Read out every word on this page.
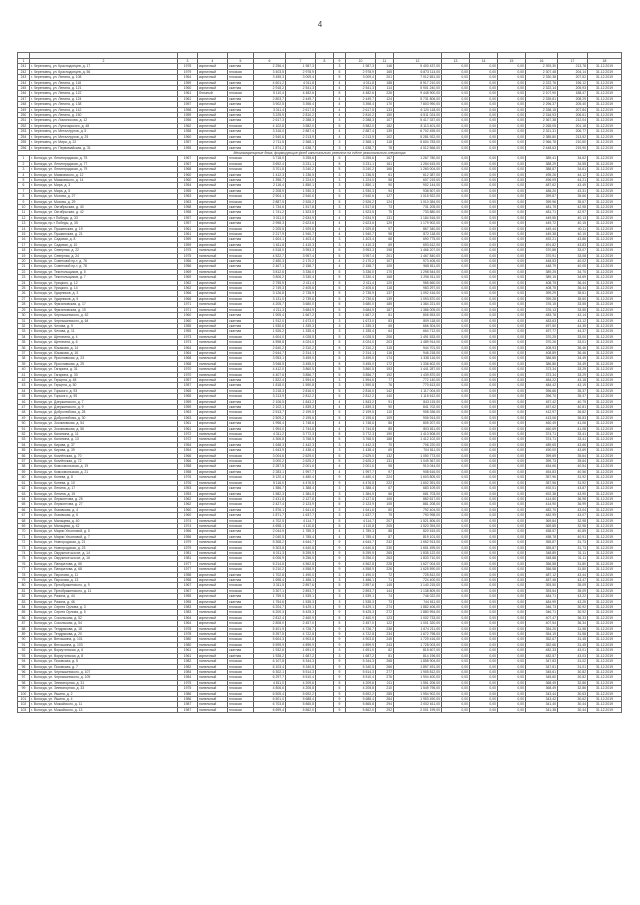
4

1	2	3	4	5	6	7	8	9	10	11	12	13	14	15	16	17	18
241	г. Череповец, ул. Краснодонцев, д. 17	1978	кирпичный	скатная	2 256,4	1 987,3		3	1 987,3	146	5 400 437,00	0,00	0,00	0,00	2 393,30	213,78	31.12.2019
242	г. Череповец, ул. Краснодонцев, д. 56	1979	кирпичный	плоская	3 403,5	2 978,9		5	2 978,9	165	6 873 114,00	0,00	0,00	0,00	2 307,48	204,14	31.12.2019
243	г. Череповец, ул. Ленина, д. 108	1964	кирпичный	плоская	3 455,3	3 009,4		5	3 009,4	201	7 012 651,00	0,00	0,00	0,00	2 330,38	207,52	31.12.2019
244	г. Череповец, ул. Ленина, д. 116	1959	кирпичный	скатная	4 601,2	4 011,8		4	4 011,8	188	8 917 210,00	0,00	0,00	0,00	2 222,76	196,12	31.12.2019
245	г. Череповец, ул. Ленина, д. 121	1960	кирпичный	скатная	2 918,2	2 541,3		4	2 541,3	114	5 901 240,00	0,00	0,00	0,00	2 322,14	205,93	31.12.2019
246	г. Череповец, ул. Ленина, д. 122	1961	блочный	плоская	5 110,4	4 482,6		5	4 482,6	226	9 448 900,00	0,00	0,00	0,00	2 107,90	188,47	31.12.2019
247	г. Череповец, ул. Ленина, д. 124	1961	кирпичный	скатная	2 803,7	2 449,7		4	2 449,7	124	5 731 806,00	0,00	0,00	0,00	2 339,81	208,29	31.12.2019
248	г. Череповец, ул. Ленина, д. 138	1957	кирпичный	скатная	3 902,5	3 398,4		4	3 398,4	170	7 803 990,00	0,00	0,00	0,00	2 296,37	205,40	31.12.2019
249	г. Череповец, ул. Ленина, д. 142	1958	кирпичный	скатная	3 011,4	2 617,5		4	2 617,5	133	6 120 118,00	0,00	0,00	0,00	2 338,15	207,84	31.12.2019
250	г. Череповец, ул. Ленина, д. 150	1959	кирпичный	скатная	3 225,9	2 810,2		4	2 810,2	150	6 511 024,00	0,00	0,00	0,00	2 316,93	206,61	31.12.2019
251	г. Череповец, ул. Ломоносова, д. 12	1956	кирпичный	скатная	2 617,3	2 288,3		3	2 288,3	107	5 417 337,00	0,00	0,00	0,00	2 367,38	212,04	31.12.2019
252	г. Череповец, ул. Луначарского, д. 48	1962	кирпичный	плоская	4 102,8	3 582,0		5	3 582,0	182	8 113 401,00	0,00	0,00	0,00	2 265,05	201,18	31.12.2019
253	г. Череповец, ул. Металлургов, д. 5	1958	кирпичный	скатная	3 316,0	2 887,4		4	2 887,4	139	6 702 455,00	0,00	0,00	0,00	2 321,31	206,77	31.12.2019
254	г. Череповец, ул. Металлургов, д. 25	1960	кирпичный	скатная	2 540,6	2 213,9		4	2 213,9	102	5 281 922,00	0,00	0,00	0,00	2 385,80	213,52	31.12.2019
255	г. Череповец, ул. Мира, д. 22	1957	кирпичный	скатная	2 711,5	2 368,1		3	2 368,1	118	5 604 783,00	0,00	0,00	0,00	2 366,78	210,60	31.12.2019
256	г. Череповец, ул. Первомайская, д. 31	1955	кирпичный	скатная	1 874,2	1 638,7		3	1 638,7	78	4 012 566,00	0,00	0,00	0,00	2 448,63	219,90	31.12.2019
Многоквартирные дома, формирующие фонд капитального ремонта на счёте регионального оператора																	
1	г. Вологда, ул. Ленинградская, д. 75	1967	кирпичный	плоская	3 718,0	3 255,6		5	3 255,6	167	1 267 780,00	0,00	0,00	0,00	389,41	34,62	31.12.2019
2	г. Вологда, ул. Ленинградская, д. 77	1967	кирпичный	плоская	3 692,4	3 231,1		5	3 231,1	161	1 254 615,00	0,00	0,00	0,00	388,29	34,55	31.12.2019
3	г. Вологда, ул. Ленинградская, д. 79	1968	кирпичный	плоская	3 701,8	3 240,2		5	3 240,2	166	1 260 004,00	0,00	0,00	0,00	388,87	34,61	31.12.2019
4	г. Вологда, ул. Маяковского, д. 12	1960	кирпичный	скатная	1 412,3	1 236,5		3	1 236,5	61	612 387,00	0,00	0,00	0,00	495,26	44,12	31.12.2019
5	г. Вологда, ул. Маяковского, д. 14	1960	кирпичный	скатная	1 398,7	1 224,0		3	1 224,0	58	607 219,00	0,00	0,00	0,00	496,09	44,21	31.12.2019
6	г. Вологда, ул. Мира, д. 3	1954	кирпичный	скатная	2 116,4	1 850,1		3	1 850,1	90	902 144,00	0,00	0,00	0,00	487,62	43,49	31.12.2019
7	г. Вологда, ул. Мира, д. 5	1955	кирпичный	скатная	2 208,9	1 930,3		3	1 930,3	94	938 507,00	0,00	0,00	0,00	486,20	43,31	31.12.2019
8	г. Вологда, ул. Мохова, д. 27	1963	кирпичный	плоская	2 904,1	2 540,6		5	2 540,6	127	1 015 922,00	0,00	0,00	0,00	399,87	35,66	31.12.2019
9	г. Вологда, ул. Мохова, д. 29	1963	кирпичный	плоская	2 887,5	2 526,2		5	2 526,2	124	1 010 384,00	0,00	0,00	0,00	399,96	35,67	31.12.2019
10	г. Вологда, ул. Октябрьская, д. 40	1958	кирпичный	скатная	1 734,6	1 517,8		3	1 517,8	73	731 205,00	0,00	0,00	0,00	481,75	42,98	31.12.2019
11	г. Вологда, ул. Октябрьская, д. 42	1958	кирпичный	скатная	1 741,2	1 523,5		3	1 523,5	75	733 880,00	0,00	0,00	0,00	481,71	42,97	31.12.2019
12	г. Вологда, пр-т Победы, д. 33	1957	кирпичный	скатная	3 011,0	2 634,9		4	2 634,9	131	1 184 516,00	0,00	0,00	0,00	449,55	40,13	31.12.2019
13	г. Вологда, пр-т Победы, д. 35	1957	кирпичный	скатная	2 998,3	2 623,6		4	2 623,6	129	1 179 902,00	0,00	0,00	0,00	449,72	40,15	31.12.2019
14	г. Вологда, ул. Пушкинская, д. 19	1961	кирпичный	плоская	2 205,5	1 929,8		4	1 929,8	97	867 340,00	0,00	0,00	0,00	449,44	40,11	31.12.2019
15	г. Вологда, ул. Пушкинская, д. 21	1961	кирпичный	плоская	2 217,9	1 940,7		4	1 940,7	98	872 118,00	0,00	0,00	0,00	449,38	40,10	31.12.2019
16	г. Вологда, ул. Садовая, д. 8	1959	кирпичный	скатная	1 604,1	1 403,4		3	1 403,4	68	690 775,00	0,00	0,00	0,00	492,21	43,86	31.12.2019
17	г. Вологда, ул. Садовая, д. 10	1959	кирпичный	скатная	1 611,8	1 410,3		3	1 410,3	69	693 612,00	0,00	0,00	0,00	491,82	43,83	31.12.2019
18	г. Вологда, ул. Северная, д. 22	1975	панельный	плоская	4 518,0	3 953,3		5	3 953,3	198	1 466 207,00	0,00	0,00	0,00	370,88	33,07	31.12.2019
19	г. Вологда, ул. Северная, д. 24	1975	панельный	плоская	4 522,7	3 957,4		5	3 957,4	201	1 467 840,00	0,00	0,00	0,00	370,91	33,08	31.12.2019
20	г. Вологда, ул. Советский пр-т, д. 76	1956	кирпичный	скатная	2 480,3	2 170,2		4	2 170,2	107	973 405,00	0,00	0,00	0,00	448,53	40,02	31.12.2019
21	г. Вологда, ул. Советский пр-т, д. 78	1956	кирпичный	скатная	2 467,1	2 158,7		4	2 158,7	105	968 811,00	0,00	0,00	0,00	448,79	40,05	31.12.2019
22	г. Вологда, ул. Текстильщиков, д. 5	1969	панельный	плоская	3 812,6	3 336,0		5	3 336,0	170	1 298 544,00	0,00	0,00	0,00	389,25	34,70	31.12.2019
23	г. Вологда, ул. Текстильщиков, д. 7	1969	панельный	плоская	3 806,2	3 330,4		5	3 330,4	168	1 296 011,00	0,00	0,00	0,00	389,15	34,69	31.12.2019
24	г. Вологда, ул. Урицкого, д. 12	1962	кирпичный	плоская	2 755,9	2 411,4		5	2 411,4	120	985 660,00	0,00	0,00	0,00	408,75	36,44	31.12.2019
25	г. Вологда, ул. Урицкого, д. 14	1962	кирпичный	плоская	2 749,3	2 405,6		5	2 405,6	118	983 297,00	0,00	0,00	0,00	408,75	36,44	31.12.2019
26	г. Вологда, ул. Ударников, д. 3	1966	кирпичный	плоская	3 126,8	2 735,9		5	2 735,9	137	1 092 416,00	0,00	0,00	0,00	399,29	35,61	31.12.2019
27	г. Вологда, ул. Ударников, д. 5	1966	кирпичный	плоская	3 131,0	2 739,6		5	2 739,6	139	1 093 870,00	0,00	0,00	0,00	399,28	35,60	31.12.2019
28	г. Вологда, ул. Фрязиновская, д. 17	1971	панельный	плоская	4 205,7	3 680,0		5	3 680,0	185	1 384 221,00	0,00	0,00	0,00	376,15	33,55	31.12.2019
29	г. Вологда, ул. Фрязиновская, д. 19	1971	панельный	плоская	4 211,3	3 684,9		5	3 684,9	187	1 386 005,00	0,00	0,00	0,00	376,13	33,55	31.12.2019
30	г. Вологда, ул. Чернышевского, д. 62	1960	кирпичный	скатная	1 905,4	1 667,2		3	1 667,2	81	806 553,00	0,00	0,00	0,00	483,78	43,14	31.12.2019
31	г. Вологда, ул. Чернышевского, д. 64	1960	кирпичный	скатная	1 912,0	1 673,0		3	1 673,0	83	809 118,00	0,00	0,00	0,00	483,63	43,12	31.12.2019
32	г. Вологда, ул. Чехова, д. 9	1955	кирпичный	скатная	1 530,6	1 339,3		3	1 339,3	65	666 304,00	0,00	0,00	0,00	497,50	44,35	31.12.2019
33	г. Вологда, ул. Чехова, д. 11	1955	кирпичный	скатная	1 526,2	1 335,4		3	1 335,4	64	664 712,00	0,00	0,00	0,00	497,77	44,37	31.12.2019
34	г. Вологда, ул. Щетинина, д. 4	1973	панельный	плоская	4 604,0	4 028,5		5	4 028,5	206	1 491 533,00	0,00	0,00	0,00	370,25	33,00	31.12.2019
35	г. Вологда, ул. Щетинина, д. 6	1973	панельный	плоская	4 598,8	4 024,0		5	4 024,0	203	1 489 914,00	0,00	0,00	0,00	370,26	33,01	31.12.2019
36	г. Вологда, ул. Южакова, д. 14	1964	кирпичный	плоская	2 640,2	2 310,2		5	2 310,2	115	944 701,00	0,00	0,00	0,00	408,93	36,46	31.12.2019
37	г. Вологда, ул. Южакова, д. 16	1964	кирпичный	плоская	2 644,7	2 314,1		5	2 314,1	116	946 218,00	0,00	0,00	0,00	408,89	36,46	31.12.2019
38	г. Вологда, ул. Ярославская, д. 23	1968	панельный	плоская	3 953,1	3 459,0		5	3 459,0	174	1 338 116,00	0,00	0,00	0,00	386,85	34,49	31.12.2019
39	г. Вологда, ул. Ярославская, д. 25	1968	панельный	плоская	3 948,5	3 455,0		5	3 455,0	172	1 336 602,00	0,00	0,00	0,00	386,86	34,49	31.12.2019
40	г. Вологда, ул. Гагарина, д. 31	1970	панельный	плоская	4 412,0	3 860,5		5	3 860,5	193	1 441 287,00	0,00	0,00	0,00	373,34	33,29	31.12.2019
41	г. Вологда, ул. Гагарина, д. 33	1970	панельный	плоская	4 407,6	3 856,7		5	3 856,7	192	1 439 870,00	0,00	0,00	0,00	373,34	33,29	31.12.2019
42	г. Вологда, ул. Герцена, д. 48	1957	кирпичный	скатная	1 822,4	1 594,6		3	1 594,6	77	772 140,00	0,00	0,00	0,00	484,22	43,18	31.12.2019
43	г. Вологда, ул. Герцена, д. 50	1957	кирпичный	скатная	1 818,0	1 590,8		3	1 590,8	76	770 613,00	0,00	0,00	0,00	484,42	43,19	31.12.2019
44	г. Вологда, ул. Горького, д. 93	1965	кирпичный	плоская	3 218,3	2 816,0		5	2 816,0	142	1 117 004,00	0,00	0,00	0,00	396,66	35,37	31.12.2019
45	г. Вологда, ул. Горького, д. 95	1965	кирпичный	плоская	3 213,9	2 812,2		5	2 812,2	140	1 115 612,00	0,00	0,00	0,00	396,70	35,37	31.12.2019
46	г. Вологда, ул. Дзержинского, д. 7	1959	кирпичный	скатная	2 106,5	1 843,2		4	1 843,2	91	843 115,00	0,00	0,00	0,00	457,42	40,79	31.12.2019
47	г. Вологда, ул. Дзержинского, д. 9	1959	кирпичный	скатная	2 102,1	1 839,3		4	1 839,3	90	841 702,00	0,00	0,00	0,00	457,62	40,81	31.12.2019
48	г. Вологда, ул. Добролюбова, д. 28	1963	кирпичный	плоская	2 513,7	2 199,5		5	2 199,5	110	908 336,00	0,00	0,00	0,00	412,97	36,82	31.12.2019
49	г. Вологда, ул. Добролюбова, д. 30	1963	кирпичный	плоская	2 509,2	2 195,6		5	2 195,6	109	906 914,00	0,00	0,00	0,00	413,06	36,83	31.12.2019
50	г. Вологда, ул. Зосимовская, д. 54	1961	кирпичный	скатная	1 998,4	1 748,6		4	1 748,6	86	805 207,00	0,00	0,00	0,00	460,49	41,06	31.12.2019
51	г. Вологда, ул. Зосимовская, д. 56	1961	кирпичный	скатная	1 994,0	1 744,8		4	1 744,8	85	803 811,00	0,00	0,00	0,00	460,69	41,08	31.12.2019
52	г. Вологда, ул. Калинина, д. 11	1972	панельный	плоская	4 311,2	3 772,3		5	3 772,3	190	1 413 508,00	0,00	0,00	0,00	374,71	33,41	31.12.2019
53	г. Вологда, ул. Калинина, д. 13	1972	панельный	плоская	4 306,8	3 768,5		5	3 768,5	188	1 412 102,00	0,00	0,00	0,00	374,71	33,41	31.12.2019
54	г. Вологда, ул. Кирова, д. 37	1954	кирпичный	скатная	1 648,3	1 442,3		3	1 442,3	70	706 220,00	0,00	0,00	0,00	489,65	43,66	31.12.2019
55	г. Вологда, ул. Кирова, д. 39	1954	кирпичный	скатная	1 643,9	1 438,4		3	1 438,4	69	704 811,00	0,00	0,00	0,00	490,00	43,69	31.12.2019
56	г. Вологда, ул. Козлёнская, д. 70	1966	кирпичный	плоская	3 004,6	2 629,0		5	2 629,0	132	1 050 773,00	0,00	0,00	0,00	399,69	35,64	31.12.2019
57	г. Вологда, ул. Козлёнская, д. 72	1966	кирпичный	плоская	3 000,2	2 625,2		5	2 625,2	131	1 049 367,00	0,00	0,00	0,00	399,73	35,64	31.12.2019
58	г. Вологда, ул. Комсомольская, д. 19	1958	кирпичный	скатная	2 287,5	2 001,6		4	2 001,6	98	910 044,00	0,00	0,00	0,00	454,66	40,54	31.12.2019
59	г. Вологда, ул. Комсомольская, д. 21	1958	кирпичный	скатная	2 283,1	1 997,7		4	1 997,7	97	908 616,00	0,00	0,00	0,00	454,83	40,56	31.12.2019
60	г. Вологда, ул. Конева, д. 8	1976	панельный	плоская	5 120,4	4 480,4		9	4 480,4	224	1 603 805,00	0,00	0,00	0,00	357,96	31,92	31.12.2019
61	г. Вологда, ул. Конева, д. 10	1976	панельный	плоская	5 116,0	4 476,5		9	4 476,5	222	1 602 391,00	0,00	0,00	0,00	357,96	31,92	31.12.2019
62	г. Вологда, ул. Ленина, д. 17	1953	кирпичный	скатная	1 586,7	1 388,4		3	1 388,4	67	683 109,00	0,00	0,00	0,00	492,01	43,87	31.12.2019
63	г. Вологда, ул. Ленина, д. 19	1953	кирпичный	скатная	1 582,3	1 384,5		3	1 384,5	66	681 703,00	0,00	0,00	0,00	492,38	43,90	31.12.2019
64	г. Вологда, ул. Лермонтова, д. 25	1962	кирпичный	плоская	2 431,8	2 127,8		5	2 127,8	106	882 617,00	0,00	0,00	0,00	414,80	36,98	31.12.2019
65	г. Вологда, ул. Лермонтова, д. 27	1962	кирпичный	плоская	2 427,4	2 123,9		5	2 123,9	105	881 208,00	0,00	0,00	0,00	414,90	36,99	31.12.2019
66	г. Вологда, ул. Львовская, д. 4	1960	кирпичный	скатная	1 876,1	1 641,6		3	1 641,6	80	792 404,00	0,00	0,00	0,00	482,70	43,04	31.12.2019
67	г. Вологда, ул. Львовская, д. 6	1960	кирпичный	скатная	1 871,7	1 637,7		3	1 637,7	79	790 998,00	0,00	0,00	0,00	482,99	43,07	31.12.2019
68	г. Вологда, ул. Мальцева, д. 40	1974	панельный	плоская	4 702,5	4 114,7		5	4 114,7	207	1 521 806,00	0,00	0,00	0,00	369,84	32,98	31.12.2019
69	г. Вологда, ул. Мальцева, д. 42	1974	панельный	плоская	4 698,1	4 110,8		5	4 110,8	205	1 520 394,00	0,00	0,00	0,00	369,85	32,98	31.12.2019
70	г. Вологда, ул. Марии Ульяновой, д. 5	1956	кирпичный	скатная	2 044,9	1 789,3		4	1 789,3	88	820 515,00	0,00	0,00	0,00	458,57	40,89	31.12.2019
71	г. Вологда, ул. Марии Ульяновой, д. 7	1956	кирпичный	скатная	2 040,5	1 785,4		4	1 785,4	87	819 101,00	0,00	0,00	0,00	458,78	40,91	31.12.2019
72	г. Вологда, ул. Новгородская, д. 21	1979	панельный	плоская	5 308,2	4 644,7		9	4 644,7	232	1 652 913,00	0,00	0,00	0,00	355,87	31,73	31.12.2019
73	г. Вологда, ул. Новгородская, д. 23	1979	панельный	плоская	5 303,8	4 640,8		9	4 640,8	230	1 651 499,00	0,00	0,00	0,00	355,87	31,73	31.12.2019
74	г. Вологда, ул. Окружное шоссе, д. 14	1981	панельный	плоская	6 011,3	5 259,9		9	5 259,9	265	1 835 122,00	0,00	0,00	0,00	348,89	31,11	31.12.2019
75	г. Вологда, ул. Окружное шоссе, д. 16	1981	панельный	плоская	6 006,9	5 256,0		9	5 256,0	263	1 833 710,00	0,00	0,00	0,00	348,88	31,11	31.12.2019
76	г. Вологда, ул. Панкратова, д. 66	1977	панельный	плоская	5 214,6	4 562,8		9	4 562,8	228	1 627 004,00	0,00	0,00	0,00	356,58	31,80	31.12.2019
77	г. Вологда, ул. Панкратова, д. 68	1977	панельный	плоская	5 210,2	4 558,9		9	4 558,9	226	1 625 590,00	0,00	0,00	0,00	356,58	31,80	31.12.2019
78	г. Вологда, ул. Пирогова, д. 11	1958	кирпичный	скатная	1 702,8	1 490,0		3	1 490,0	72	725 812,00	0,00	0,00	0,00	487,12	43,44	31.12.2019
79	г. Вологда, ул. Пирогова, д. 13	1958	кирпичный	скатная	1 698,4	1 486,1		3	1 486,1	71	724 400,00	0,00	0,00	0,00	487,46	43,47	31.12.2019
80	г. Вологда, ул. Преображенского, д. 9	1967	кирпичный	плоская	3 311,5	2 897,6		5	2 897,6	145	1 140 215,00	0,00	0,00	0,00	393,50	35,09	31.12.2019
81	г. Вологда, ул. Преображенского, д. 11	1967	кирпичный	плоская	3 307,1	2 893,7		5	2 893,7	144	1 138 809,00	0,00	0,00	0,00	393,54	35,09	31.12.2019
82	г. Вологда, ул. Разина, д. 44	1955	кирпичный	скатная	1 759,0	1 539,1		3	1 539,1	74	746 022,00	0,00	0,00	0,00	484,71	43,22	31.12.2019
83	г. Вологда, ул. Разина, д. 46	1955	кирпичный	скатная	1 754,6	1 535,3		3	1 535,3	73	744 611,00	0,00	0,00	0,00	484,99	43,25	31.12.2019
84	г. Вологда, ул. Сергея Орлова, д. 3	1983	панельный	плоская	6 204,7	5 429,1		9	5 429,1	274	1 882 406,00	0,00	0,00	0,00	346,73	30,92	31.12.2019
85	г. Вологда, ул. Сергея Орлова, д. 5	1983	панельный	плоская	6 200,3	5 425,3		9	5 425,3	272	1 880 994,00	0,00	0,00	0,00	346,71	30,92	31.12.2019
86	г. Вологда, ул. Сокольская, д. 52	1964	кирпичный	плоская	2 812,4	2 460,9		5	2 460,9	123	1 002 733,00	0,00	0,00	0,00	407,47	36,33	31.12.2019
87	г. Вологда, ул. Сокольская, д. 54	1964	кирпичный	плоская	2 808,0	2 457,0		5	2 457,0	122	1 001 320,00	0,00	0,00	0,00	407,54	36,34	31.12.2019
88	г. Вологда, ул. Тендрякова, д. 18	1978	панельный	плоская	5 401,9	4 726,7		9	4 726,7	236	1 674 211,00	0,00	0,00	0,00	354,20	31,58	31.12.2019
89	г. Вологда, ул. Тендрякова, д. 20	1978	панельный	плоская	5 397,5	4 722,8		9	4 722,8	234	1 672 798,00	0,00	0,00	0,00	354,19	31,58	31.12.2019
90	г. Вологда, ул. Ветошкина, д. 101	1980	панельный	плоская	5 604,3	4 903,8		9	4 903,8	245	1 729 416,00	0,00	0,00	0,00	352,67	31,45	31.12.2019
91	г. Вологда, ул. Ветошкина, д. 103	1980	панельный	плоская	5 599,9	4 899,9		9	4 899,9	243	1 728 003,00	0,00	0,00	0,00	352,66	31,45	31.12.2019
92	г. Вологда, ул. Воркутинская, д. 6	1961	кирпичный	скатная	1 932,6	1 691,0		3	1 691,0	82	815 607,00	0,00	0,00	0,00	482,33	43,01	31.12.2019
93	г. Вологда, ул. Воркутинская, д. 8	1961	кирпичный	скатная	1 928,2	1 687,2		3	1 687,2	81	814 196,00	0,00	0,00	0,00	482,57	43,03	31.12.2019
94	г. Вологда, ул. Псковская, д. 5	1982	панельный	плоская	6 107,8	5 344,3		9	5 344,3	268	1 858 904,00	0,00	0,00	0,00	347,83	31,02	31.12.2019
95	г. Вологда, ул. Псковская, д. 7	1982	панельный	плоская	6 103,4	5 340,5		9	5 340,5	266	1 857 491,00	0,00	0,00	0,00	347,81	31,01	31.12.2019
96	г. Вологда, ул. Чернышевского, д. 107	1984	панельный	плоская	6 302,1	5 514,3		9	5 514,3	277	1 905 812,00	0,00	0,00	0,00	345,61	30,82	31.12.2019
97	г. Вологда, ул. Чернышевского, д. 109	1984	панельный	плоская	6 297,7	5 510,4		9	5 510,4	276	1 904 400,00	0,00	0,00	0,00	345,60	30,82	31.12.2019
98	г. Вологда, ул. Элеваторная, д. 31	1975	панельный	плоская	4 811,0	4 209,6		5	4 209,6	211	1 551 206,00	0,00	0,00	0,00	368,49	32,86	31.12.2019
99	г. Вологда, ул. Элеваторная, д. 33	1975	панельный	плоская	4 806,6	4 205,8		5	4 205,8	210	1 549 795,00	0,00	0,00	0,00	368,49	32,86	31.12.2019
100	г. Вологда, ул. Яшина, д. 2	1986	панельный	плоская	6 505,4	5 692,2		9	5 692,2	285	1 954 902,00	0,00	0,00	0,00	343,44	30,63	31.12.2019
101	г. Вологда, ул. Яшина, д. 4	1986	панельный	плоская	6 501,0	5 688,4		9	5 688,4	284	1 953 490,00	0,00	0,00	0,00	343,42	30,62	31.12.2019
102	г. Вологда, ул. Можайского, д. 11	1987	панельный	плоская	6 703,8	5 865,8		9	5 865,8	294	2 002 611,00	0,00	0,00	0,00	341,40	30,44	31.12.2019
103	г. Вологда, ул. Можайского, д. 13	1987	панельный	плоская	6 699,4	5 862,0		9	5 862,0	292	2 001 199,00	0,00	0,00	0,00	341,38	30,44	31.12.2019
